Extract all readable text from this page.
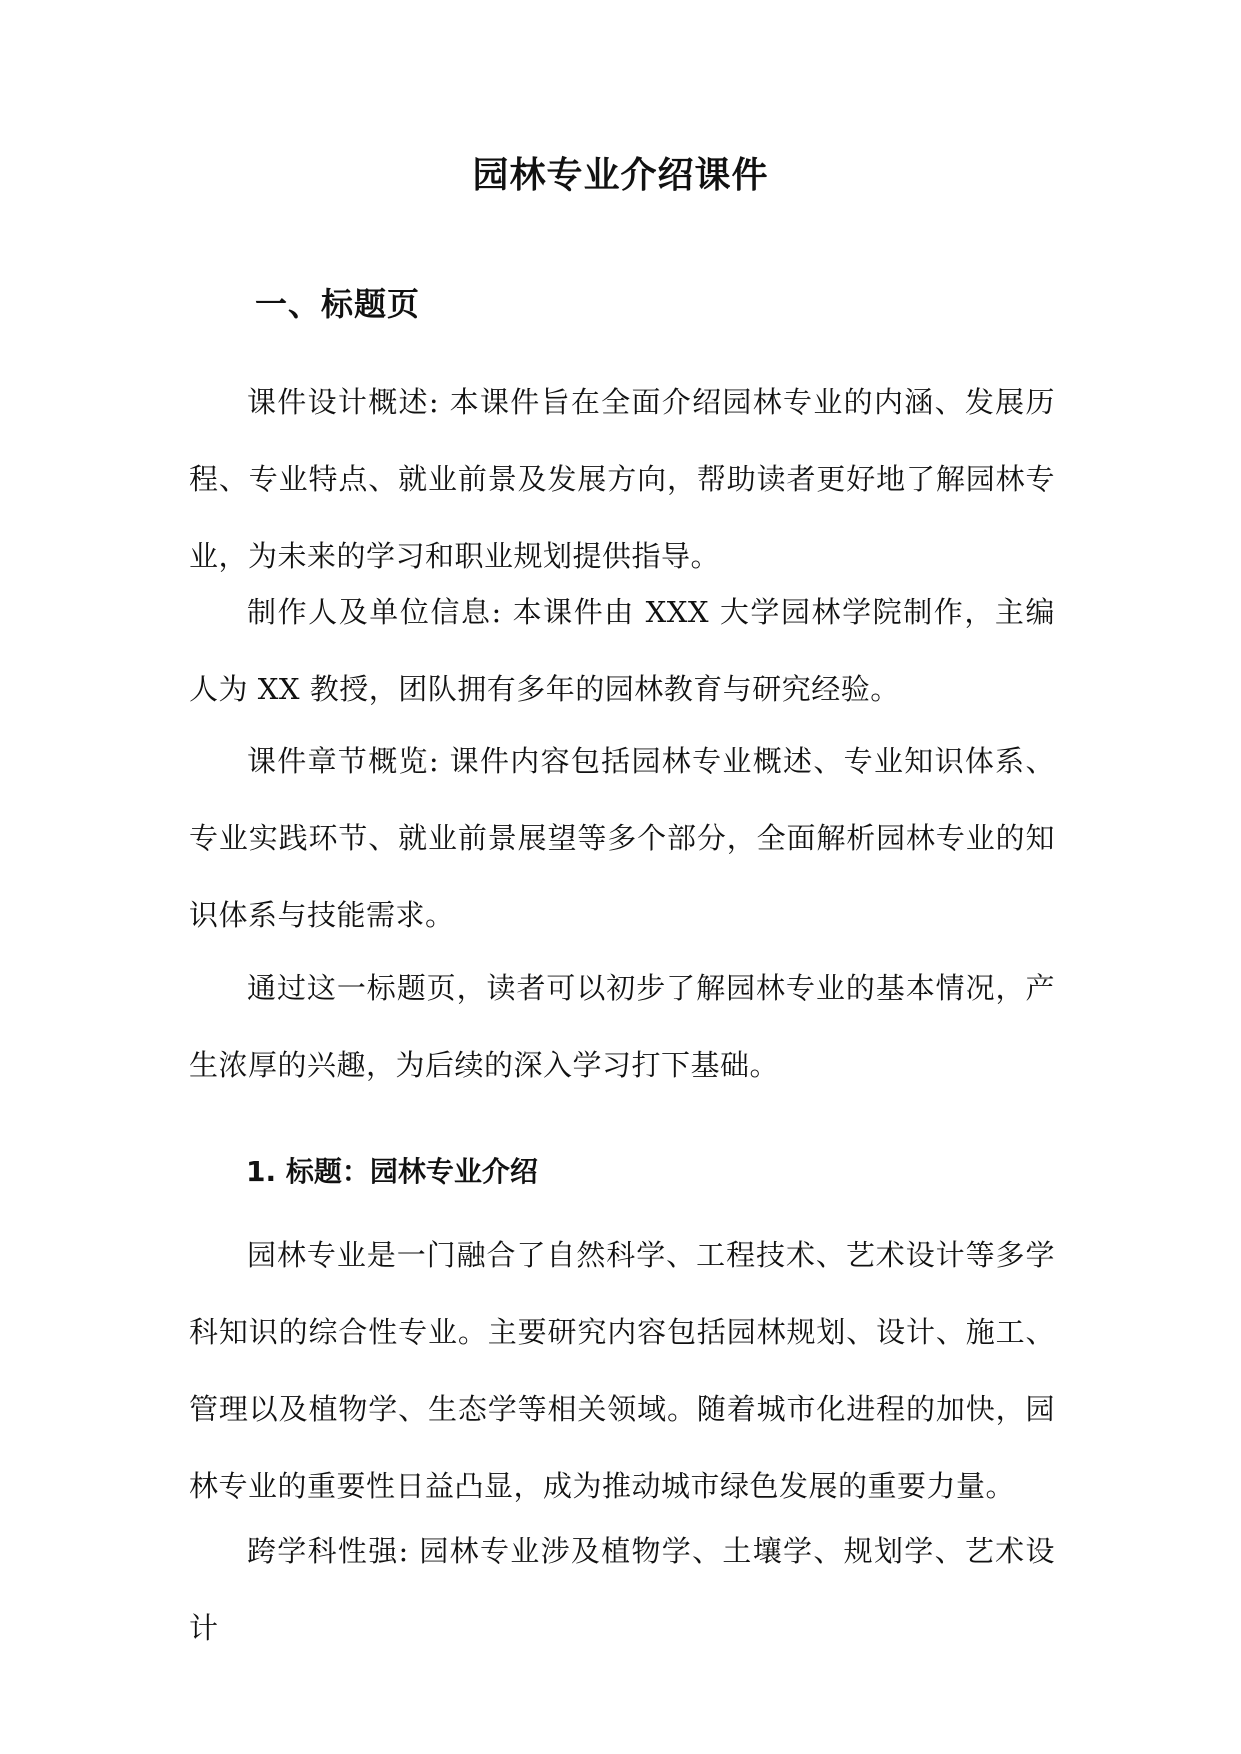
园林专业介绍课件
一、标题页

课件设计概述: 本课件旨在全面介绍园林专业的内涵、发展历程、专业特点、就业前景及发展方向，帮助读者更好地了解园林专业，为未来的学习和职业规划提供指导。

制作人及单位信息: 本课件由 XXX 大学园林学院制作，主编人为 XX 教授，团队拥有多年的园林教育与研究经验。

课件章节概览: 课件内容包括园林专业概述、专业知识体系、专业实践环节、就业前景展望等多个部分，全面解析园林专业的知识体系与技能需求。

通过这一标题页，读者可以初步了解园林专业的基本情况，产生浓厚的兴趣，为后续的深入学习打下基础。

1. 标题：园林专业介绍

园林专业是一门融合了自然科学、工程技术、艺术设计等多学科知识的综合性专业。主要研究内容包括园林规划、设计、施工、管理以及植物学、生态学等相关领域。随着城市化进程的加快，园林专业的重要性日益凸显，成为推动城市绿色发展的重要力量。

跨学科性强: 园林专业涉及植物学、土壤学、规划学、艺术设计
